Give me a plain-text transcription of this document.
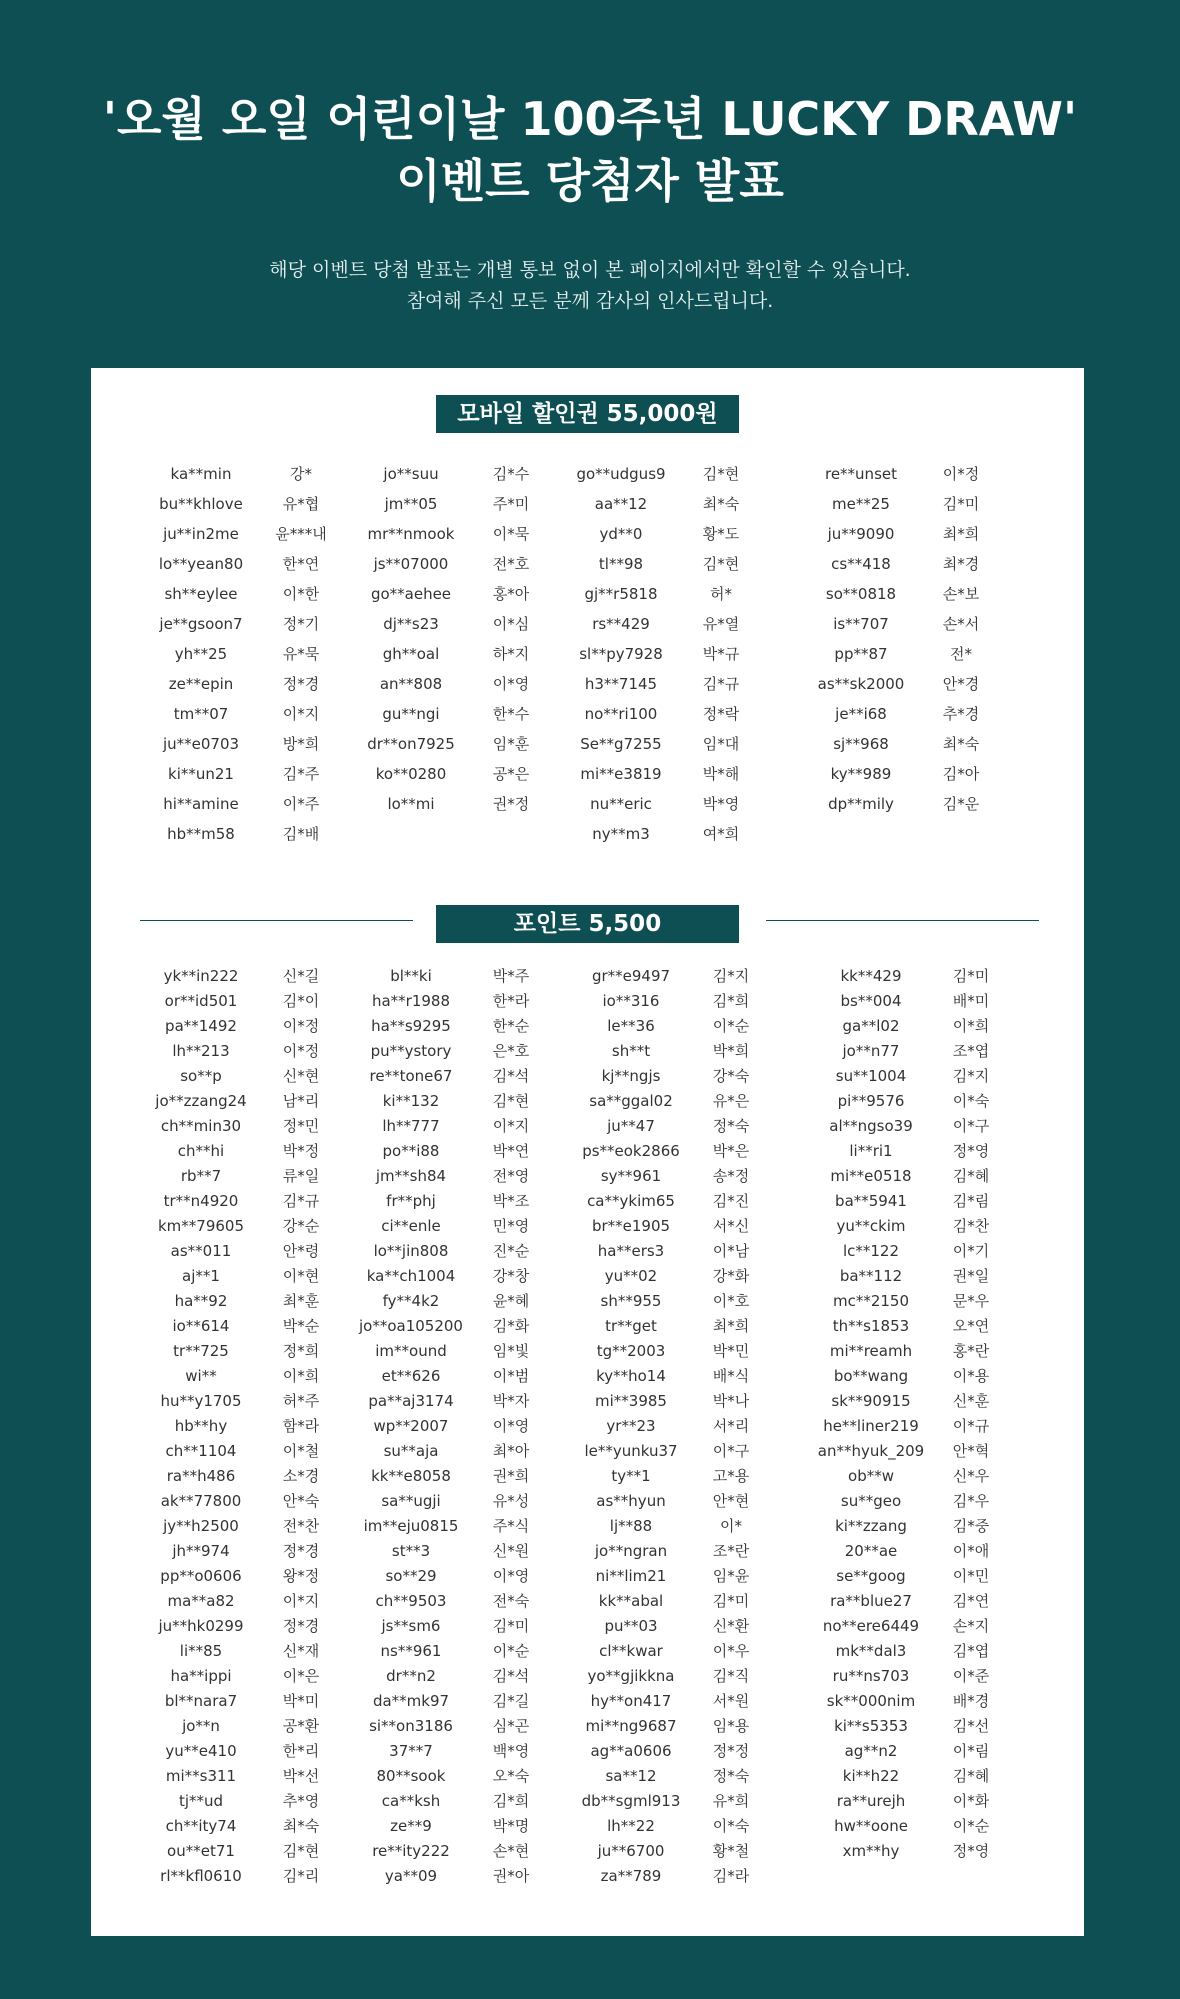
'오월 오일 어린이날 100주년 LUCKY DRAW'
이벤트 당첨자 발표
해당 이벤트 당첨 발표는 개별 통보 없이 본 페이지에서만 확인할 수 있습니다.
참여해 주신 모든 분께 감사의 인사드립니다.
모바일 할인권 55,000원
ka**min	강*
bu**khlove	유*협
ju**in2me 윤***내
lo**yean80	한*연
sh**eylee	이*한
je**gsoon7	정*기
yh**25	유*묵
ze**epin	정*경
tm**07	이*지
ju**e0703	방*희
ki**un21	김*주
hi**amine	이*주
hb**m58	김*배
jo**suu	김*수
jm**05	주*미
mr**nmook	이*묵
js**07000	전*호
go**aehee	홍*아
dj**s23	이*심
gh**oal	하*지
an**808	이*영
gu**ngi	한*수
dr**on7925	임*훈
ko**0280	공*은
lo**mi	권*정
go**udgus9 김*현
aa**12	최*숙
yd**0	황*도
tl**98	김*현
gj**r5818	허*
rs**429	유*열
sl**py7928	박*규
h3**7145	김*규
no**ri100	정*락
Se**g7255	임*대
mi**e3819	박*해
nu**eric	박*영
ny**m3	여*희
re**unset	이*정
me**25	김*미
ju**9090	최*희
cs**418	최*경
so**0818	손*보
is**707	손*서
pp**87	전*
as**sk2000	안*경
je**i68	추*경
sj**968	최*숙
ky**989	김*아
dp**mily	김*운
포인트 5,500
yk**in222	신*길
or**id501	김*이
pa**1492	이*정
lh**213	이*정
so**p	신*현
jo**zzang24 남*리
ch**min30	정*민
ch**hi	박*정
rb**7	류*일
tr**n4920	김*규
km**79605	강*순
as**011	안*령
aj**1	이*현
ha**92	최*훈
io**614	박*순
tr**725	정*희
wi**	이*희
hu**y1705	허*주
hb**hy	함*라
ch**1104	이*철
ra**h486	소*경
ak**77800	안*숙
jy**h2500	전*찬
jh**974	정*경
pp**o0606	왕*정
ma**a82	이*지
ju**hk0299	정*경
li**85	신*재
ha**ippi	이*은
bl**nara7	박*미
jo**n	공*환
yu**e410	한*리
mi**s311	박*선
tj**ud	추*영
ch**ity74	최*숙
ou**et71	김*현
rl**kfl0610	김*리
bl**ki	박*주
ha**r1988	한*라
ha**s9295	한*순
pu**ystory	은*호
re**tone67	김*석
ki**132	김*현
lh**777	이*지
po**i88	박*연
jm**sh84	전*영
fr**phj	박*조
ci**enle	민*영
lo**jin808	진*순
ka**ch1004 강*창
fy**4k2	윤*혜
jo**oa105200 김*화
im**ound	임*빛
et**626	이*범
pa**aj3174	박*자
wp**2007	이*영
su**aja	최*아
kk**e8058	권*희
sa**ugji	유*성
im**eju0815 주*식
st**3	신*원
so**29	이*영
ch**9503	전*숙
js**sm6	김*미
ns**961	이*순
dr**n2	김*석
da**mk97	김*길
si**on3186	심*곤
37**7	백*영
80**sook	오*숙
ca**ksh	김*희
ze**9	박*명
re**ity222	손*현
ya**09	권*아
gr**e9497	김*지
io**316	김*희
le**36	이*순
sh**t	박*희
kj**ngjs	강*숙
sa**ggal02	유*은
ju**47	정*숙
ps**eok2866 박*은
sy**961	송*정
ca**ykim65	김*진
br**e1905	서*신
ha**ers3	이*남
yu**02	강*화
sh**955	이*호
tr**get	최*희
tg**2003	박*민
ky**ho14	배*식
mi**3985	박*나
yr**23	서*리
le**yunku37 이*구
ty**1	고*용
as**hyun	안*현
lj**88	이*
jo**ngran	조*란
ni**lim21	임*윤
kk**abal	김*미
pu**03	신*환
cl**kwar	이*우
yo**gjikkna	김*직
hy**on417	서*원
mi**ng9687 임*용
ag**a0606	정*정
sa**12	정*숙
db**sgml913 유*희
lh**22	이*숙
ju**6700	황*철
za**789	김*라
kk**429	김*미
bs**004	배*미
ga**l02	이*희
jo**n77	조*엽
su**1004	김*지
pi**9576	이*숙
al**ngso39	이*구
li**ri1	정*영
mi**e0518	김*혜
ba**5941	김*림
yu**ckim	김*찬
lc**122	이*기
ba**112	권*일
mc**2150	문*우
th**s1853	오*연
mi**reamh	홍*란
bo**wang	이*용
sk**90915	신*훈
he**liner219 이*규
an**hyuk_209 안*혁
ob**w	신*우
su**geo	김*우
ki**zzang	김*중
20**ae	이*애
se**goog	이*민
ra**blue27	김*연
no**ere6449 손*지
mk**dal3	김*엽
ru**ns703	이*준
sk**000nim	배*경
ki**s5353	김*선
ag**n2	이*림
ki**h22	김*혜
ra**urejh	이*화
hw**oone	이*순
xm**hy	정*영
